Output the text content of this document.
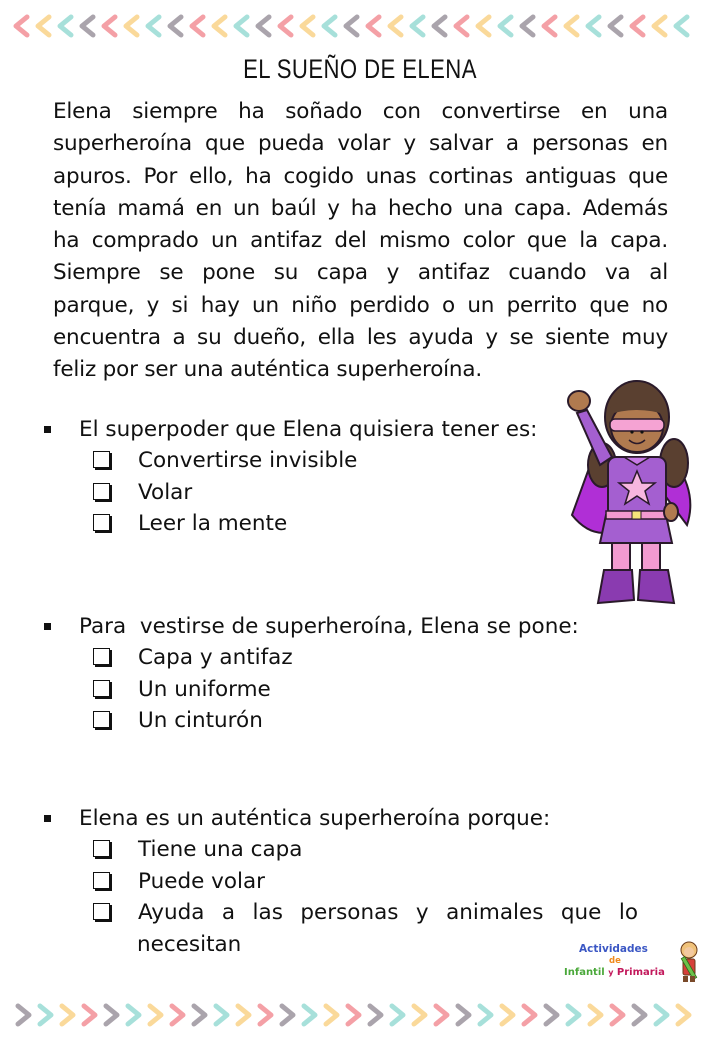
EL SUEÑO DE ELENA
Elena siempre ha soñado con convertirse en una
superheroína que pueda volar y salvar a personas en
apuros. Por ello, ha cogido unas cortinas antiguas que
tenía mamá en un baúl y ha hecho una capa. Además
ha comprado un antifaz del mismo color que la capa.
Siempre se pone su capa y antifaz cuando va al
parque, y si hay un niño perdido o un perrito que no
encuentra a su dueño, ella les ayuda y se siente muy
feliz por ser una auténtica superheroína.
El superpoder que Elena quisiera tener es:
Convertirse invisible
Volar
Leer la mente
Para  vestirse de superheroína, Elena se pone:
Capa y antifaz
Un uniforme
Un cinturón
Elena es un auténtica superheroína porque:
Tiene una capa
Puede volar
Ayuda a las personas y animales que lo
necesitan	Actividades
de
Infantil y Primaria
